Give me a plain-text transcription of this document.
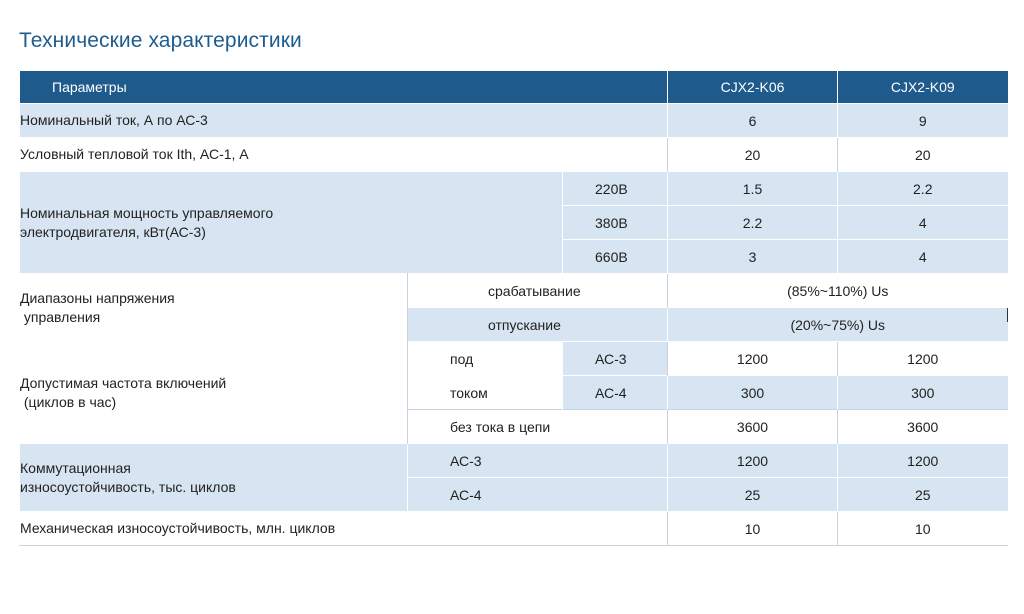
Технические характеристики
Параметры			CJX2-K06	CJX2-K09
Номинальный ток, А по АС-3			6	9
Условный тепловой ток Ith, АС-1, А			20	20
Номинальная мощность управляемого
электродвигателя, кВт(АС-3)		220В	1.5	2.2
		380В	2.2	4
		660В	3	4
Диапазоны напряжения
управления	срабатывание		(85%~110%) Us	
	отпускание		(20%~75%) Us	
Допустимая частота включений
(циклов в час)	под	АС-3	1200	1200
	током	АС-4	300	300
	без тока в цепи		3600	3600
Коммутационная
износоустойчивость, тыс. циклов	АС-3		1200	1200
	АС-4		25	25
Механическая износоустойчивость, млн. циклов			10	10
